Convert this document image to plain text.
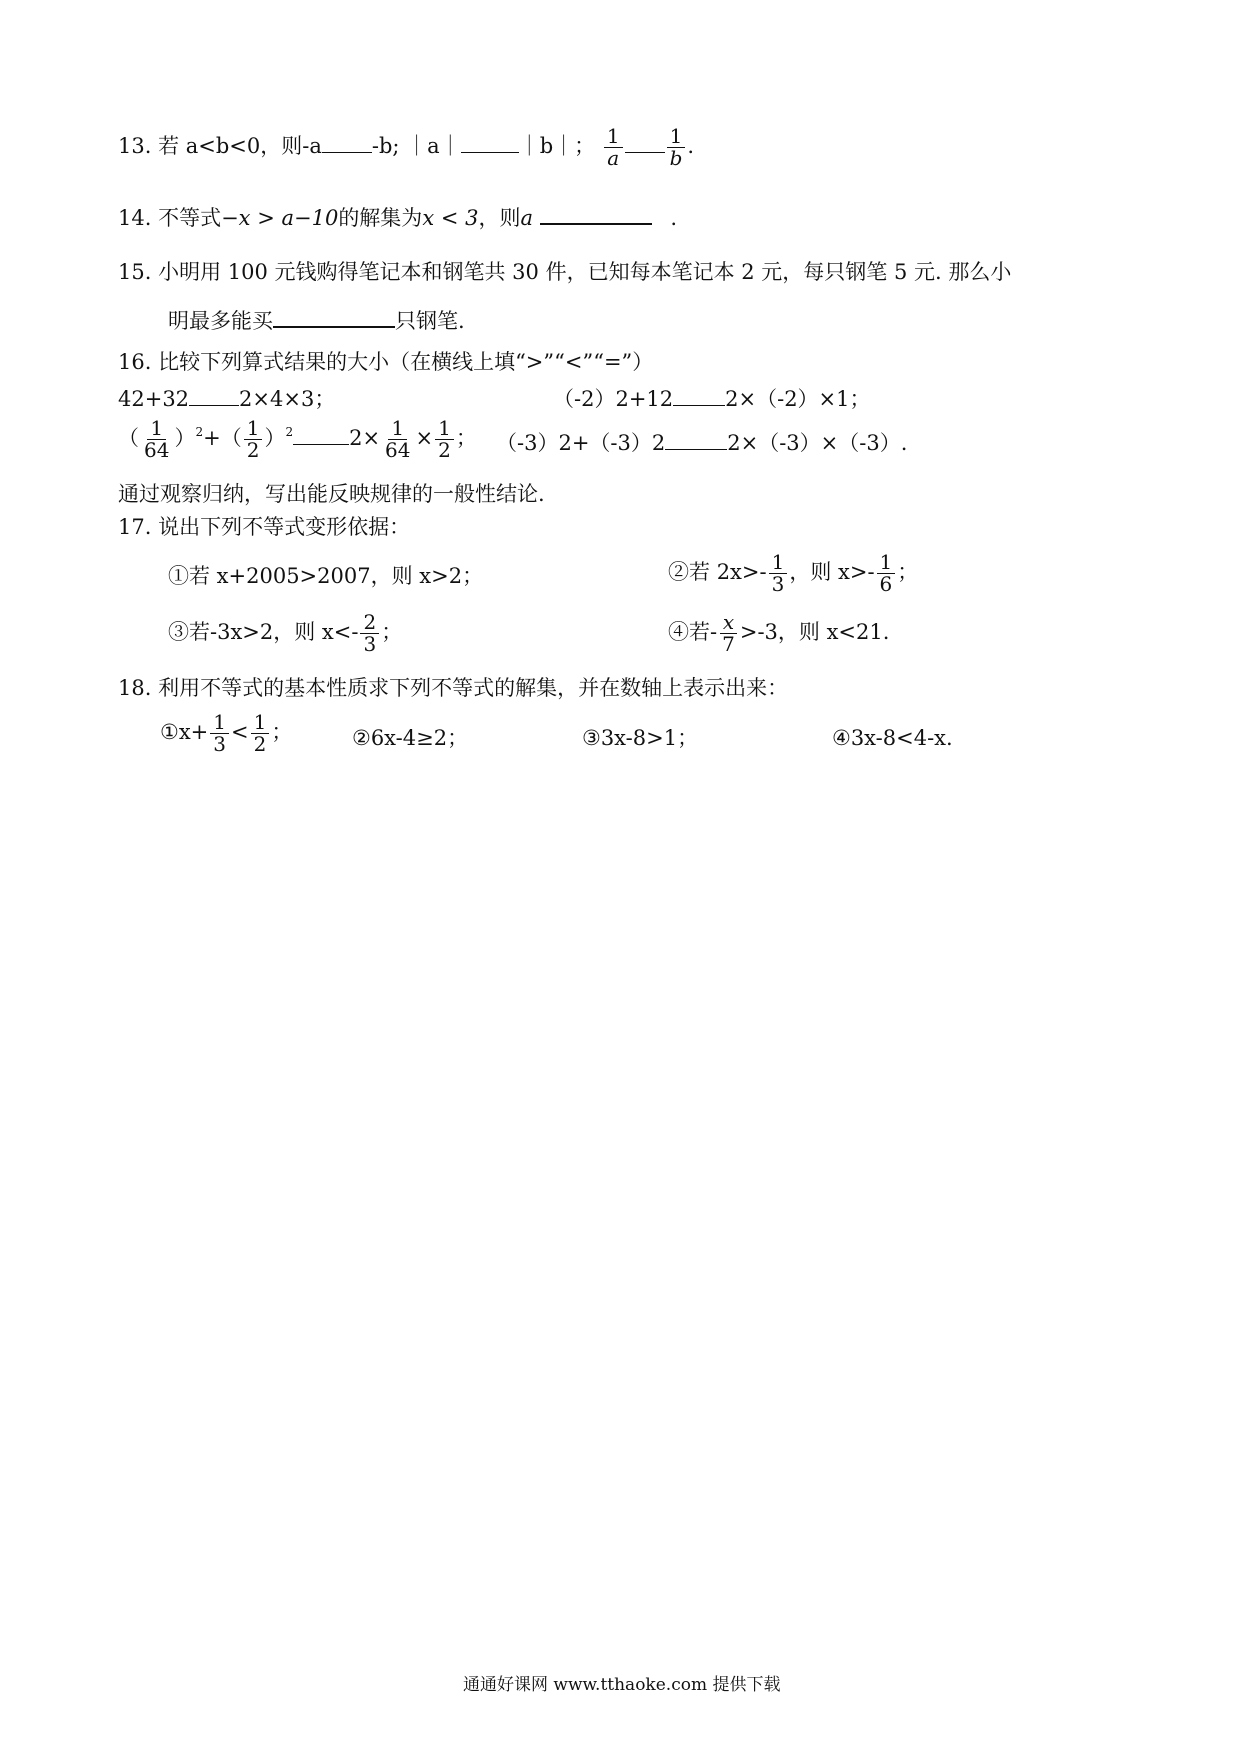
13. 若 a<b<0，则-a -b; ｜a｜	｜b｜； $\frac{1}{a} \frac{1}{b}$ .
14. 不等式−x > a−10的解集为x < 3，则a	.
15. 小明用 100 元钱购得笔记本和钢笔共 30 件，已知每本笔记本 2 元，每只钢笔 5 元. 那么小
明最多能买	只钢笔.
16. 比较下列算式结果的大小（在横线上填“>”“<”“=”）
42+32 2×4×3；	（-2）2+12 2×（-2）×1；
（ $\frac{1}{64} )^2+( \frac{1}{2} )^2$	$2\times \frac{1}{64} \times \frac{1}{2}$ ； （-3）2+（-3）2	2×（-3）×（-3）.
通过观察归纳，写出能反映规律的一般性结论.
17. 说出下列不等式变形依据：
①若 x+2005>2007，则 x>2；	②若 $2x>- \frac{1}{3}$ ，则 $x>- \frac{1}{6}$ ；
③若-3x>2，则 $x<- \frac{2}{3}$ ；	④若- $\frac{x}{7} >-3$，则 x<21.
18. 利用不等式的基本性质求下列不等式的解集，并在数轴上表示出来：
①x+ $\frac{1}{3} < \frac{1}{2}$ ；	②6x-4≥2；	③3x-8>1；	④3x-8<4-x.
通通好课网 www.tthaoke.com 提供下载
